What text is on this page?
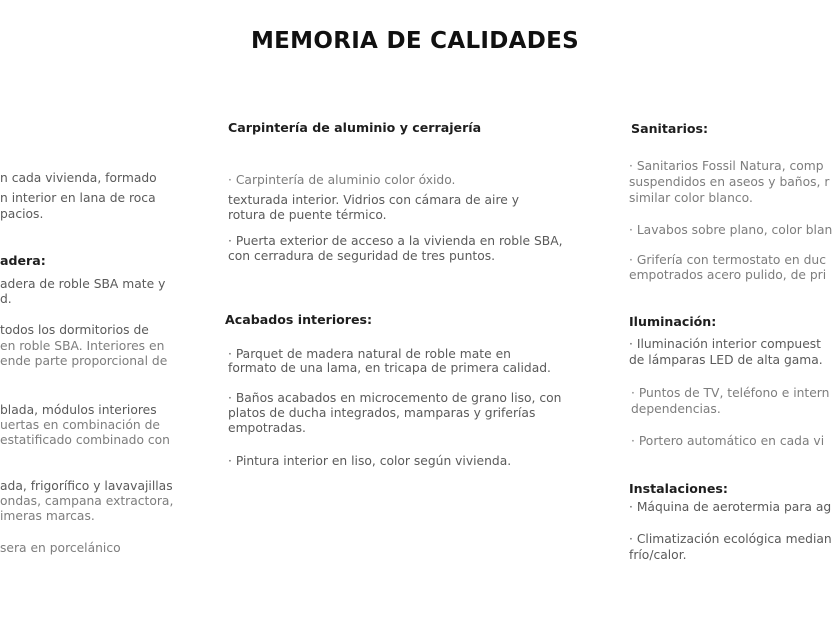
MEMORIA DE CALIDADES
n cada vivienda, formado
n interior en lana de roca
pacios.
adera:
adera de roble SBA mate y
d.
todos los dormitorios de
en roble SBA. Interiores en
ende parte proporcional de
blada, módulos interiores
uertas en combinación de
estatificado combinado con
ada, frigorífico y lavavajillas
ondas, campana extractora,
imeras marcas.
sera en porcelánico
Carpintería de aluminio y cerrajería
· Carpintería de aluminio color óxido.
texturada interior. Vidrios con cámara de aire y
rotura de puente térmico.
· Puerta exterior de acceso a la vivienda en roble SBA,
con cerradura de seguridad de tres puntos.
Acabados interiores:
· Parquet de madera natural de roble mate en
formato de una lama, en tricapa de primera calidad.
· Baños acabados en microcemento de grano liso, con
platos de ducha integrados, mamparas y griferías
empotradas.
· Pintura interior en liso, color según vivienda.
Sanitarios:
· Sanitarios Fossil Natura, comp
suspendidos en aseos y baños, r
similar color blanco.
· Lavabos sobre plano, color blan
· Grifería con termostato en duc
empotrados acero pulido, de pri
Iluminación:
· Iluminación interior compuest
de lámparas LED de alta gama.
· Puntos de TV, teléfono e intern
dependencias.
· Portero automático en cada vi
Instalaciones:
· Máquina de aerotermia para ag
· Climatización ecológica median
frío/calor.
